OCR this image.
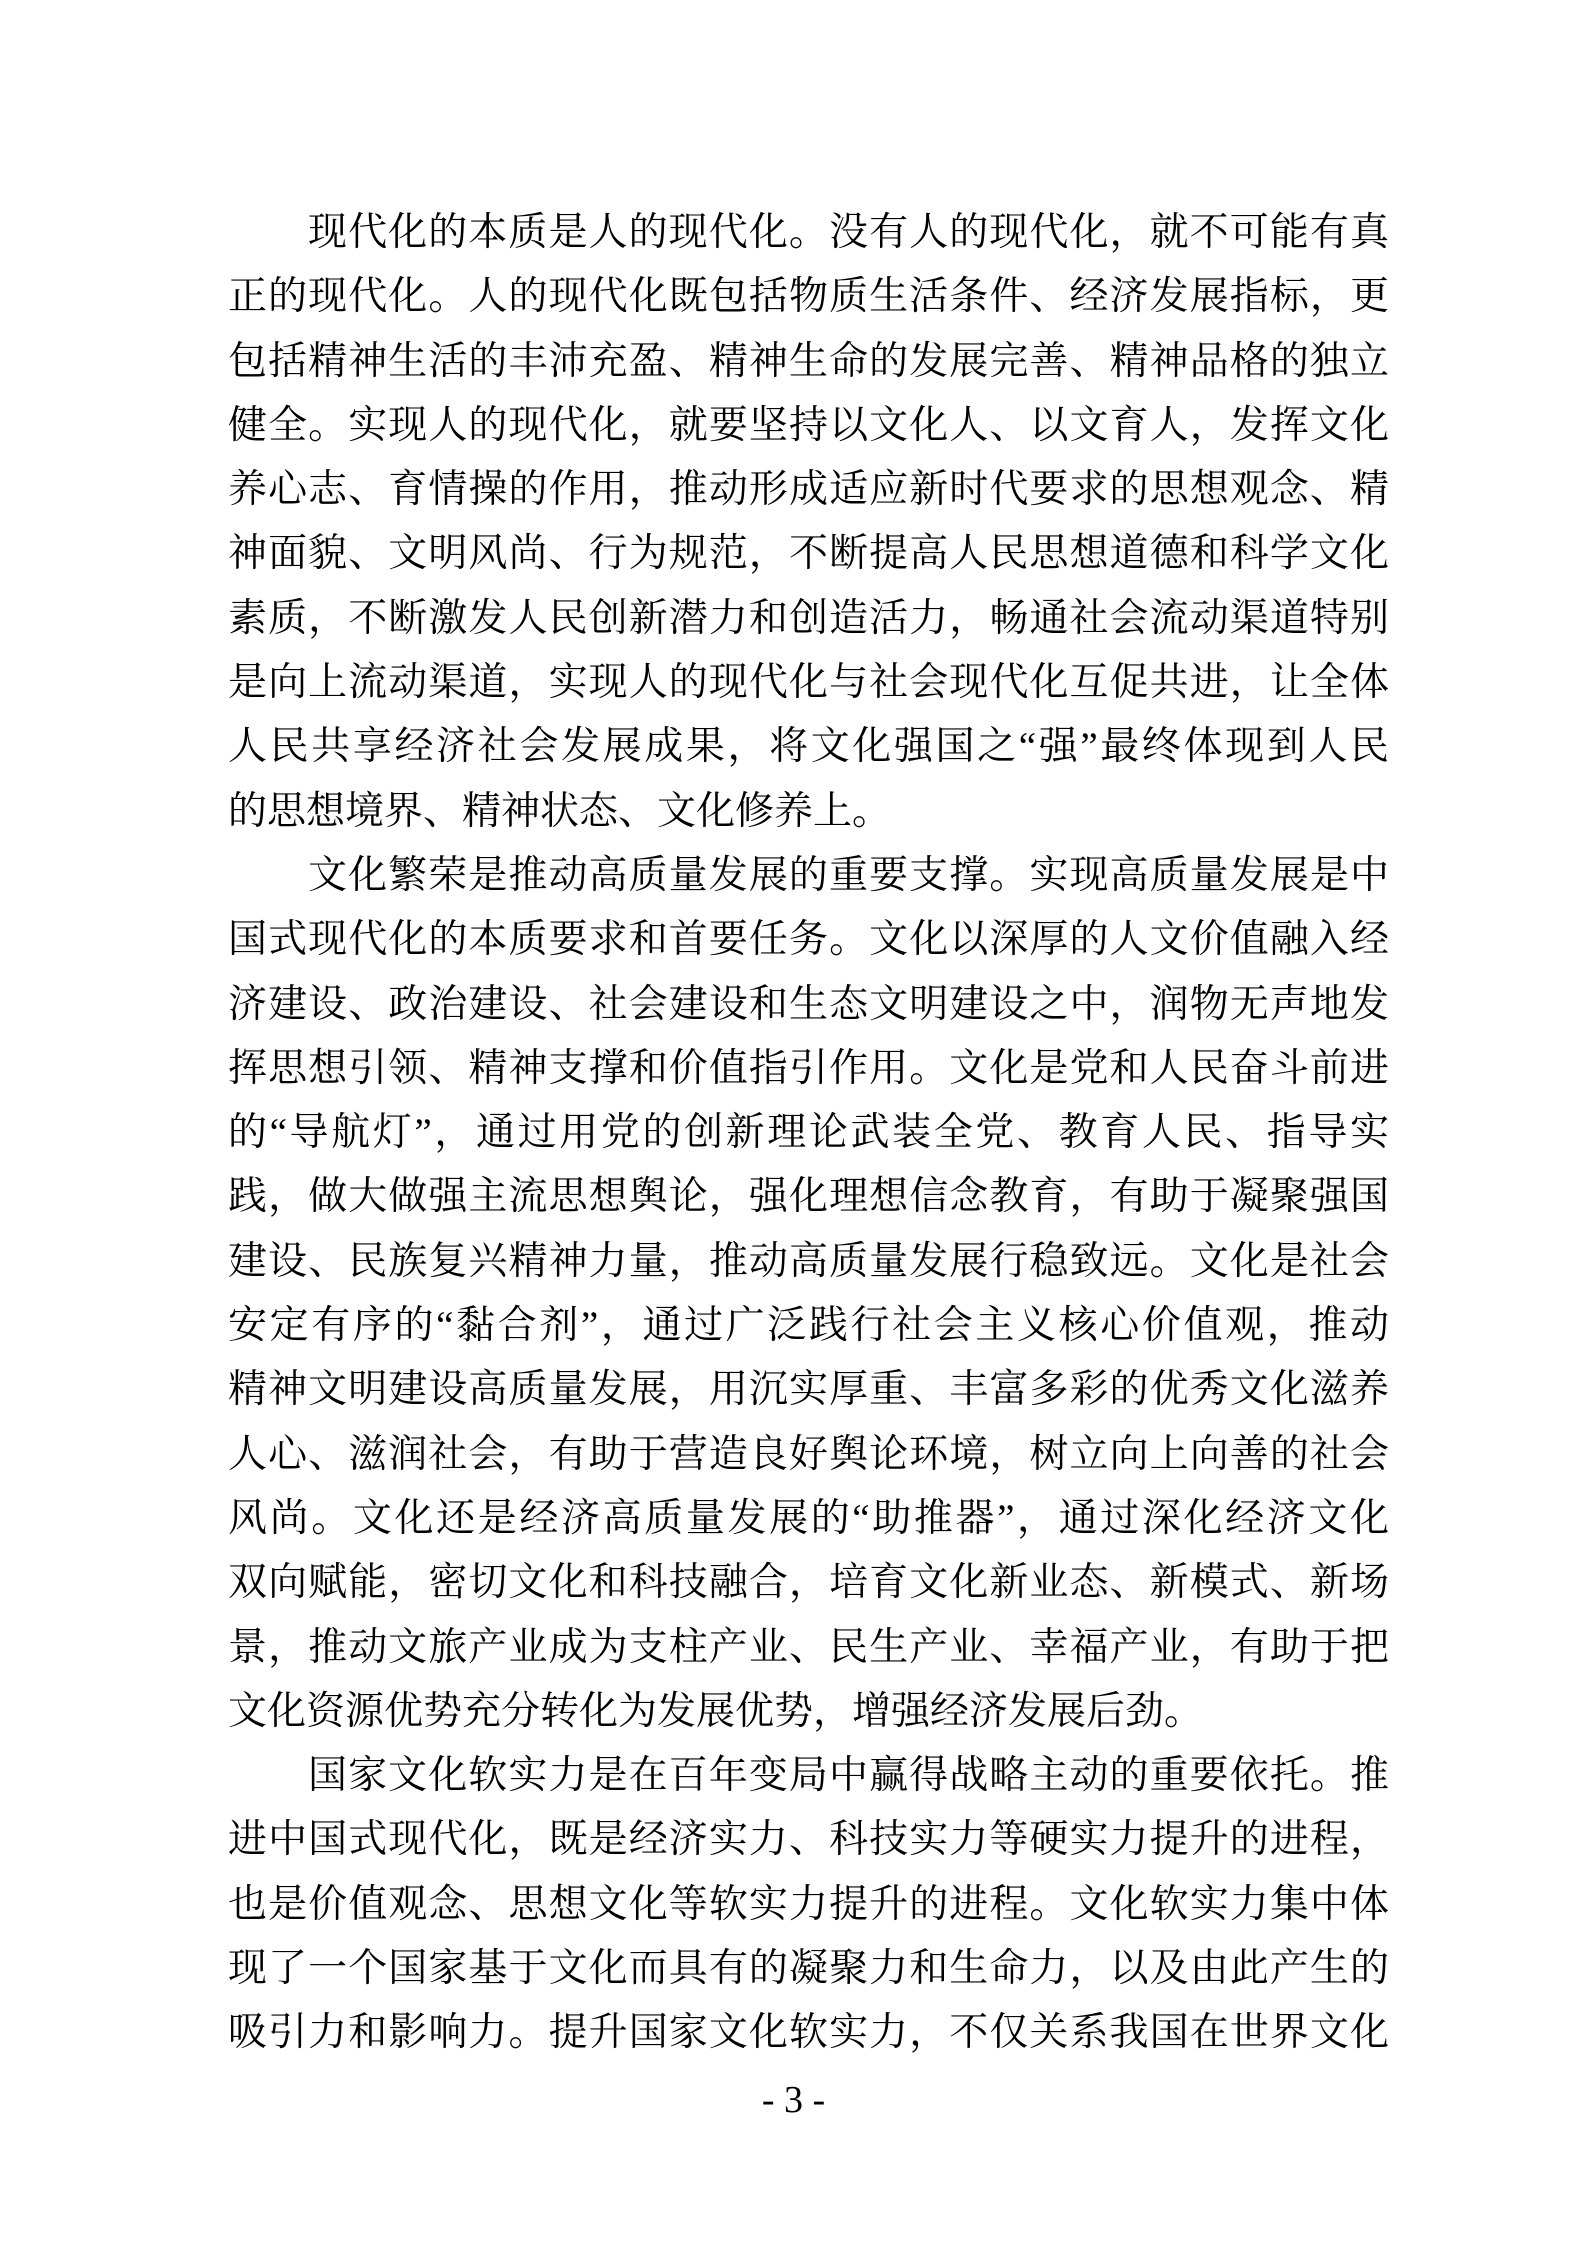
现代化的本质是人的现代化。没有人的现代化，就不可能有真
正的现代化。人的现代化既包括物质生活条件、经济发展指标，更
包括精神生活的丰沛充盈、精神生命的发展完善、精神品格的独立
健全。实现人的现代化，就要坚持以文化人、以文育人，发挥文化
养心志、育情操的作用，推动形成适应新时代要求的思想观念、精
神面貌、文明风尚、行为规范，不断提高人民思想道德和科学文化
素质，不断激发人民创新潜力和创造活力，畅通社会流动渠道特别
是向上流动渠道，实现人的现代化与社会现代化互促共进，让全体
人民共享经济社会发展成果，将文化强国之“强”最终体现到人民
的思想境界、精神状态、文化修养上。
文化繁荣是推动高质量发展的重要支撑。实现高质量发展是中
国式现代化的本质要求和首要任务。文化以深厚的人文价值融入经
济建设、政治建设、社会建设和生态文明建设之中，润物无声地发
挥思想引领、精神支撑和价值指引作用。文化是党和人民奋斗前进
的“导航灯”，通过用党的创新理论武装全党、教育人民、指导实
践，做大做强主流思想舆论，强化理想信念教育，有助于凝聚强国
建设、民族复兴精神力量，推动高质量发展行稳致远。文化是社会
安定有序的“黏合剂”，通过广泛践行社会主义核心价值观，推动
精神文明建设高质量发展，用沉实厚重、丰富多彩的优秀文化滋养
人心、滋润社会，有助于营造良好舆论环境，树立向上向善的社会
风尚。文化还是经济高质量发展的“助推器”，通过深化经济文化
双向赋能，密切文化和科技融合，培育文化新业态、新模式、新场
景，推动文旅产业成为支柱产业、民生产业、幸福产业，有助于把
文化资源优势充分转化为发展优势，增强经济发展后劲。
国家文化软实力是在百年变局中赢得战略主动的重要依托。推
进中国式现代化，既是经济实力、科技实力等硬实力提升的进程，
也是价值观念、思想文化等软实力提升的进程。文化软实力集中体
现了一个国家基于文化而具有的凝聚力和生命力，以及由此产生的
吸引力和影响力。提升国家文化软实力，不仅关系我国在世界文化
- 3 -
